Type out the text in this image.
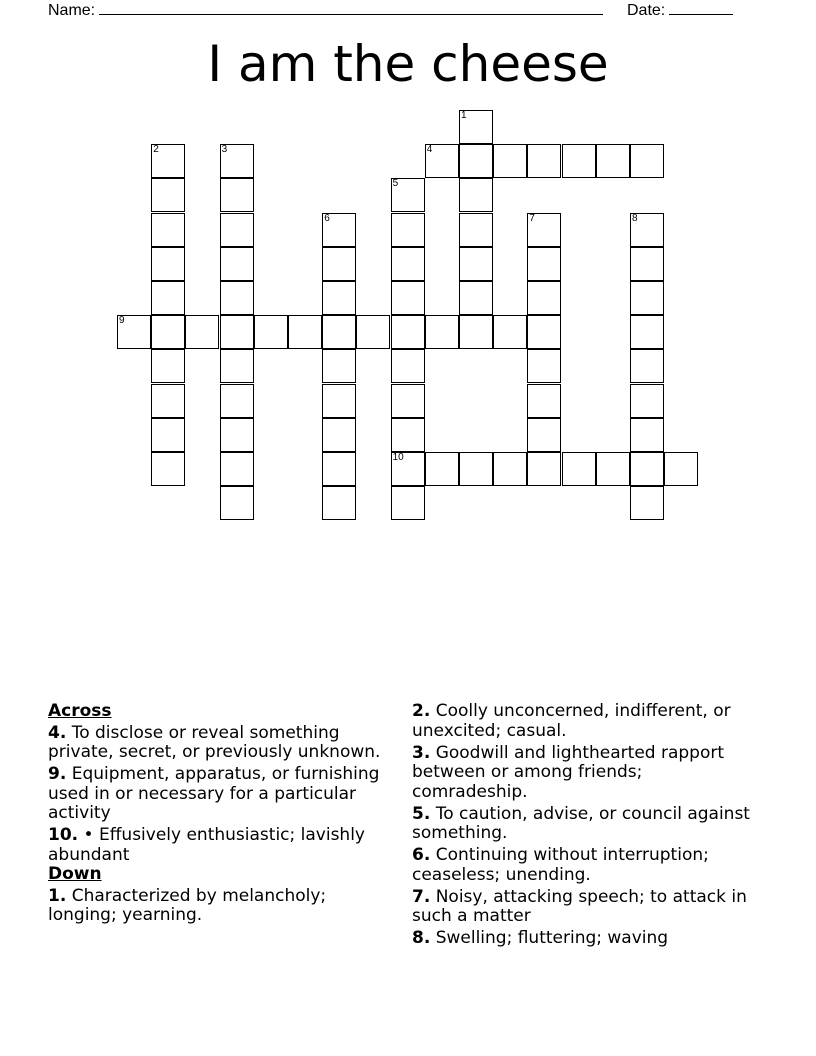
Name:	Date:
I am the cheese
1
2	3	4
5
10
6	7	8
9
Across
4. To disclose or reveal something private, secret, or previously unknown.
9. Equipment, apparatus, or furnishing used in or necessary for a particular activity
10. • Effusively enthusiastic; lavishly abundant
Down
1. Characterized by melancholy; longing; yearning.
2. Coolly unconcerned, indifferent, or unexcited; casual.
3. Goodwill and lighthearted rapport between or among friends; comradeship.
5. To caution, advise, or council against something.
6. Continuing without interruption; ceaseless; unending.
7. Noisy, attacking speech; to attack in such a matter
8. Swelling; fluttering; waving
